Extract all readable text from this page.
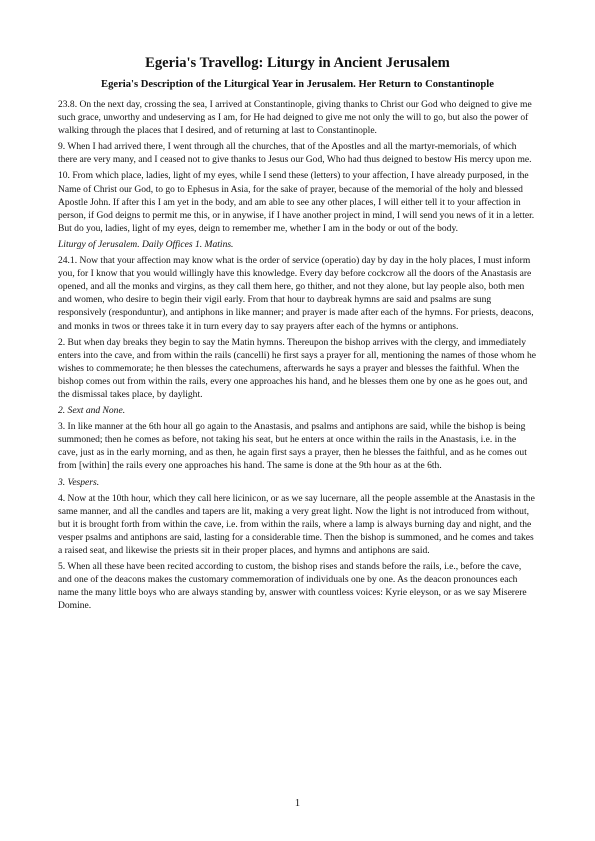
Egeria's Travellog: Liturgy in Ancient Jerusalem
Egeria's Description of the Liturgical Year in Jerusalem. Her Return to Constantinople

23.8. On the next day, crossing the sea, I arrived at Constantinople, giving thanks to Christ our God who deigned to give me such grace, unworthy and undeserving as I am, for He had deigned to give me not only the will to go, but also the power of walking through the places that I desired, and of returning at last to Constantinople.

9. When I had arrived there, I went through all the churches, that of the Apostles and all the martyr-memorials, of which there are very many, and I ceased not to give thanks to Jesus our God, Who had thus deigned to bestow His mercy upon me.

10. From which place, ladies, light of my eyes, while I send these (letters) to your affection, I have already purposed, in the Name of Christ our God, to go to Ephesus in Asia, for the sake of prayer, because of the memorial of the holy and blessed Apostle John. If after this I am yet in the body, and am able to see any other places, I will either tell it to your affection in person, if God deigns to permit me this, or in anywise, if I have another project in mind, I will send you news of it in a letter. But do you, ladies, light of my eyes, deign to remember me, whether I am in the body or out of the body.

Liturgy of Jerusalem. Daily Offices 1. Matins.

24.1. Now that your affection may know what is the order of service (operatio) day by day in the holy places, I must inform you, for I know that you would willingly have this knowledge. Every day before cockcrow all the doors of the Anastasis are opened, and all the monks and virgins, as they call them here, go thither, and not they alone, but lay people also, both men and women, who desire to begin their vigil early. From that hour to daybreak hymns are said and psalms are sung responsively (responduntur), and antiphons in like manner; and prayer is made after each of the hymns. For priests, deacons, and monks in twos or threes take it in turn every day to say prayers after each of the hymns or antiphons.

2. But when day breaks they begin to say the Matin hymns. Thereupon the bishop arrives with the clergy, and immediately enters into the cave, and from within the rails (cancelli) he first says a prayer for all, mentioning the names of those whom he wishes to commemorate; he then blesses the catechumens, afterwards he says a prayer and blesses the faithful. When the bishop comes out from within the rails, every one approaches his hand, and he blesses them one by one as he goes out, and the dismissal takes place, by daylight.

2. Sext and None.

3. In like manner at the 6th hour all go again to the Anastasis, and psalms and antiphons are said, while the bishop is being summoned; then he comes as before, not taking his seat, but he enters at once within the rails in the Anastasis, i.e. in the cave, just as in the early morning, and as then, he again first says a prayer, then he blesses the faithful, and as he comes out from [within] the rails every one approaches his hand. The same is done at the 9th hour as at the 6th.

3. Vespers.

4. Now at the 10th hour, which they call here licinicon, or as we say lucernare, all the people assemble at the Anastasis in the same manner, and all the candles and tapers are lit, making a very great light. Now the light is not introduced from without, but it is brought forth from within the cave, i.e. from within the rails, where a lamp is always burning day and night, and the vesper psalms and antiphons are said, lasting for a considerable time. Then the bishop is summoned, and he comes and takes a raised seat, and likewise the priests sit in their proper places, and hymns and antiphons are said.

5. When all these have been recited according to custom, the bishop rises and stands before the rails, i.e., before the cave, and one of the deacons makes the customary commemoration of individuals one by one. As the deacon pronounces each name the many little boys who are always standing by, answer with countless voices: Kyrie eleyson, or as we say Miserere Domine.

1
